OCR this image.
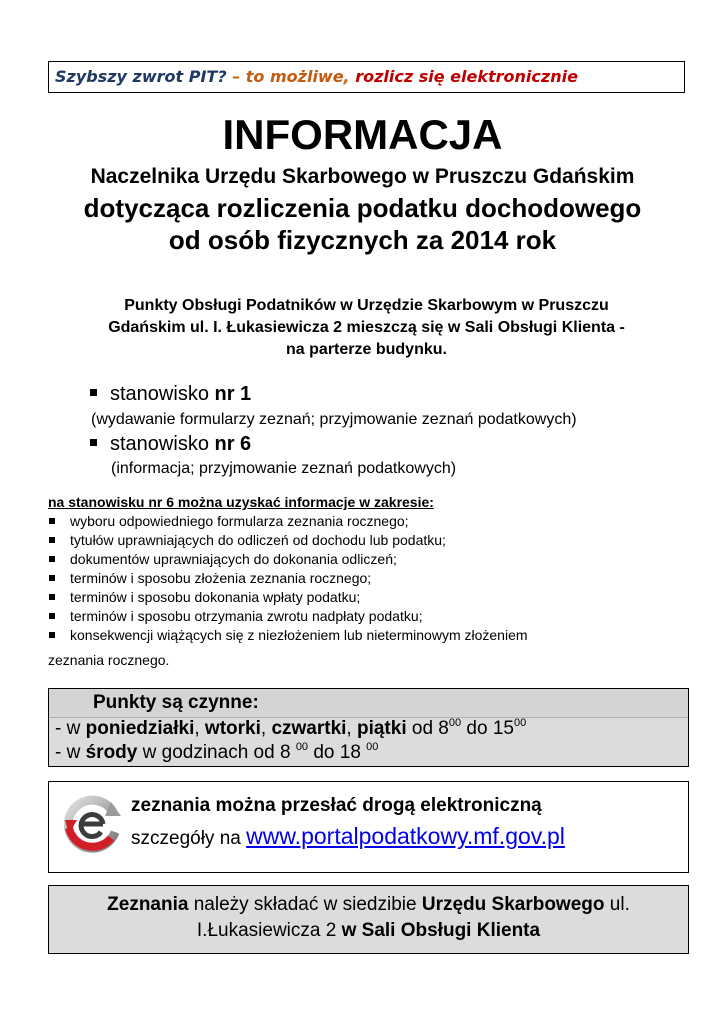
Szybszy zwrot PIT? – to możliwe, rozlicz się elektronicznie
INFORMACJA
Naczelnika Urzędu Skarbowego w Pruszczu Gdańskim
dotycząca rozliczenia podatku dochodowego
od osób fizycznych za 2014 rok
Punkty Obsługi Podatników w Urzędzie Skarbowym w Pruszczu
Gdańskim ul. I. Łukasiewicza 2 mieszczą się w Sali Obsługi Klienta -
na parterze budynku.
stanowisko nr 1
(wydawanie formularzy zeznań; przyjmowanie zeznań podatkowych)
stanowisko nr 6
(informacja; przyjmowanie zeznań podatkowych)
na stanowisku nr 6 można uzyskać informacje w zakresie:
wyboru odpowiedniego formularza zeznania rocznego;
tytułów uprawniających do odliczeń od dochodu lub podatku;
dokumentów uprawniających do dokonania odliczeń;
terminów i sposobu złożenia zeznania rocznego;
terminów i sposobu dokonania wpłaty podatku;
terminów i sposobu otrzymania zwrotu nadpłaty podatku;
konsekwencji wiążących się z niezłożeniem lub nieterminowym złożeniem
zeznania rocznego.
Punkty są czynne:
- w poniedziałki, wtorki, czwartki, piątki od $8^{00}$ do $15^{00}$
- w środy w godzinach od 8 $^{00}$ do 18 $^{00}$
zeznania można przesłać drogą elektroniczną
szczegóły na www.portalpodatkowy.mf.gov.pl
Zeznania należy składać w siedzibie Urzędu Skarbowego ul.
I.Łukasiewicza 2 w Sali Obsługi Klienta
